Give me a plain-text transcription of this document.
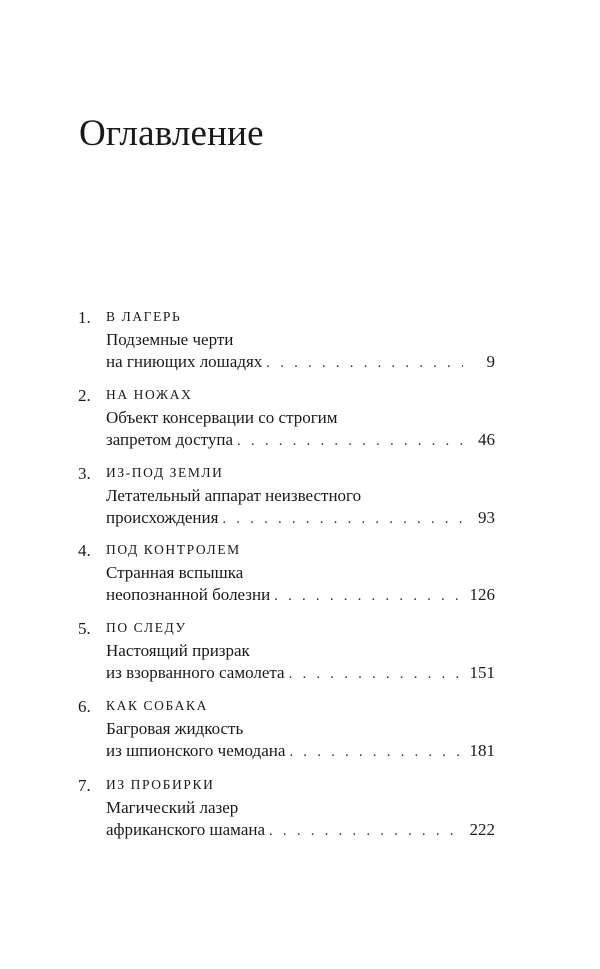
Оглавление
1. В ЛАГЕРЬ
Подземные черти
на гниющих лошадях . . .	9
2. НА НОЖАХ
Объект консервации со строгим
запретом доступа . . .	46
3. ИЗ-ПОД ЗЕМЛИ
Летательный аппарат неизвестного
происхождения . . .	93
4. ПОД КОНТРОЛЕМ
Странная вспышка
неопознанной болезни . . .	126
5. ПО СЛЕДУ
Настоящий призрак
из взорванного самолета . . .	151
6. КАК СОБАКА
Багровая жидкость
из шпионского чемодана . . .	181
7. ИЗ ПРОБИРКИ
Магический лазер
африканского шамана . . .	222
